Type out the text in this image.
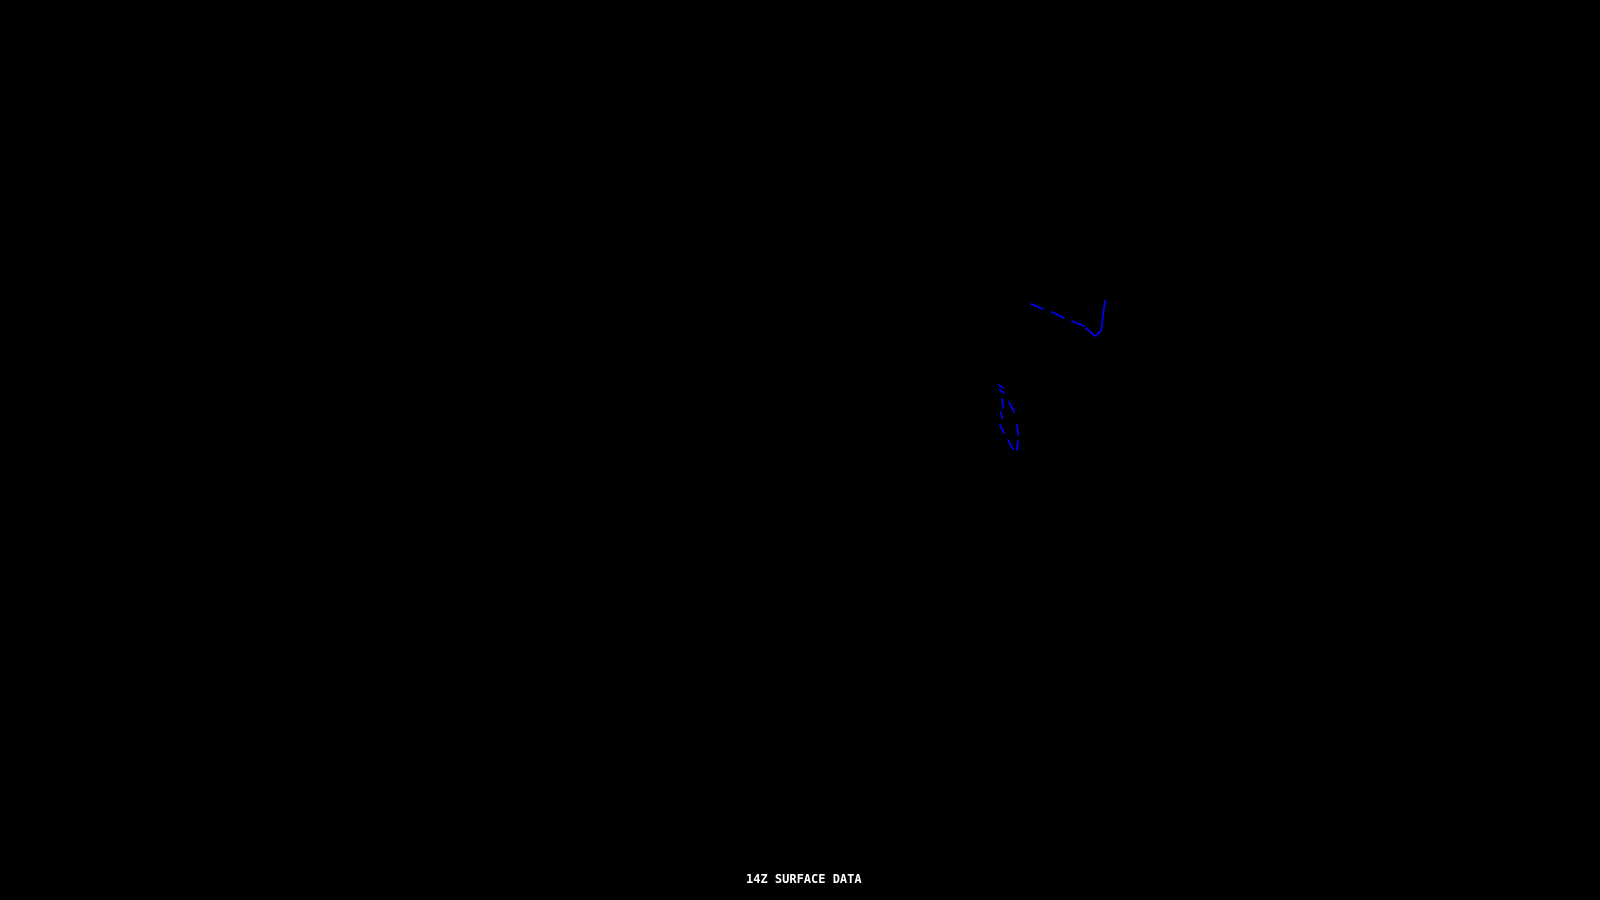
14Z SURFACE DATA
